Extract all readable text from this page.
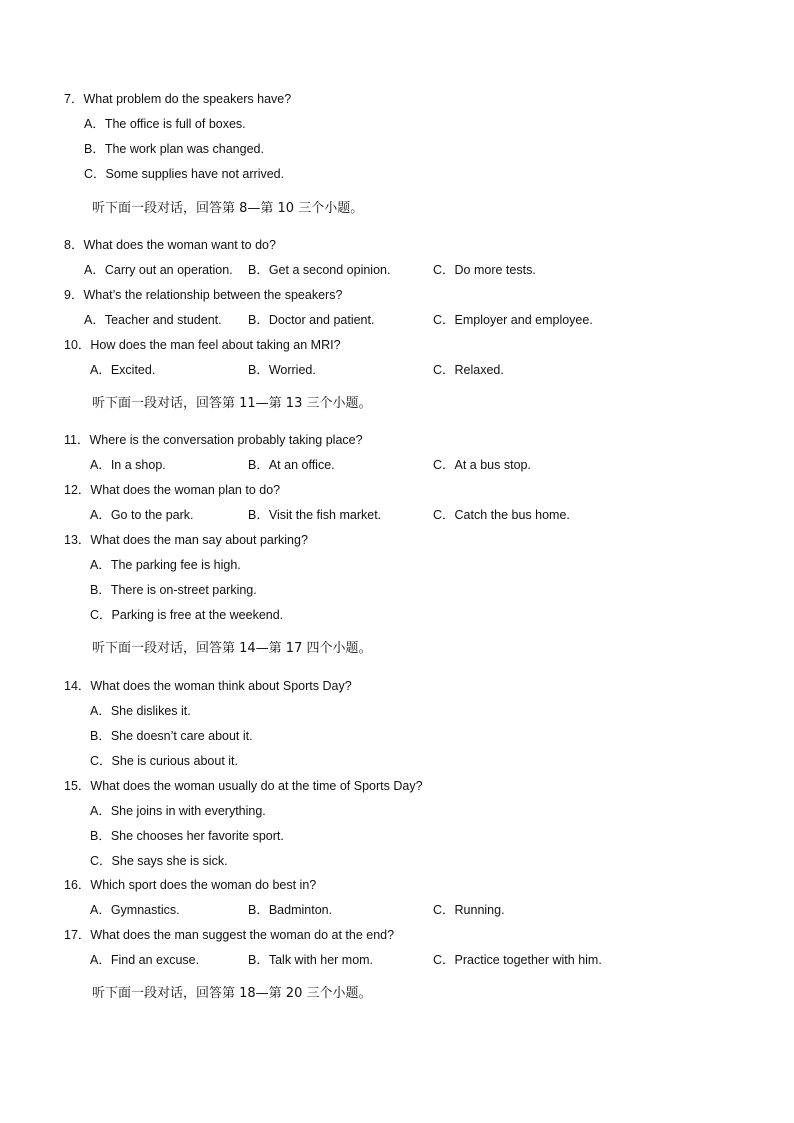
7．What problem do the speakers have?
A．The office is full of boxes.
B．The work plan was changed.
C．Some supplies have not arrived.
听下面一段对话，回答第 8—第 10 三个小题。
8．What does the woman want to do?
A．Carry out an operation. B．Get a second opinion.	C．Do more tests.
9．What’s the relationship between the speakers?
A．Teacher and student. B．Doctor and patient.	C．Employer and employee.
10．How does the man feel about taking an MRI?
A．Excited.	B．Worried.	C．Relaxed.
听下面一段对话，回答第 11—第 13 三个小题。
11．Where is the conversation probably taking place?
A．In a shop.	B．At an office.	C．At a bus stop.
12．What does the woman plan to do?
A．Go to the park.	B．Visit the fish market.	C．Catch the bus home.
13．What does the man say about parking?
A．The parking fee is high.
B．There is on-street parking.
C．Parking is free at the weekend.
听下面一段对话，回答第 14—第 17 四个小题。
14．What does the woman think about Sports Day?
A．She dislikes it.
B．She doesn’t care about it.
C．She is curious about it.
15．What does the woman usually do at the time of Sports Day?
A．She joins in with everything.
B．She chooses her favorite sport.
C．She says she is sick.
16．Which sport does the woman do best in?
A．Gymnastics.	B．Badminton.	C．Running.
17．What does the man suggest the woman do at the end?
A．Find an excuse.	B．Talk with her mom.	C．Practice together with him.
听下面一段对话，回答第 18—第 20 三个小题。
